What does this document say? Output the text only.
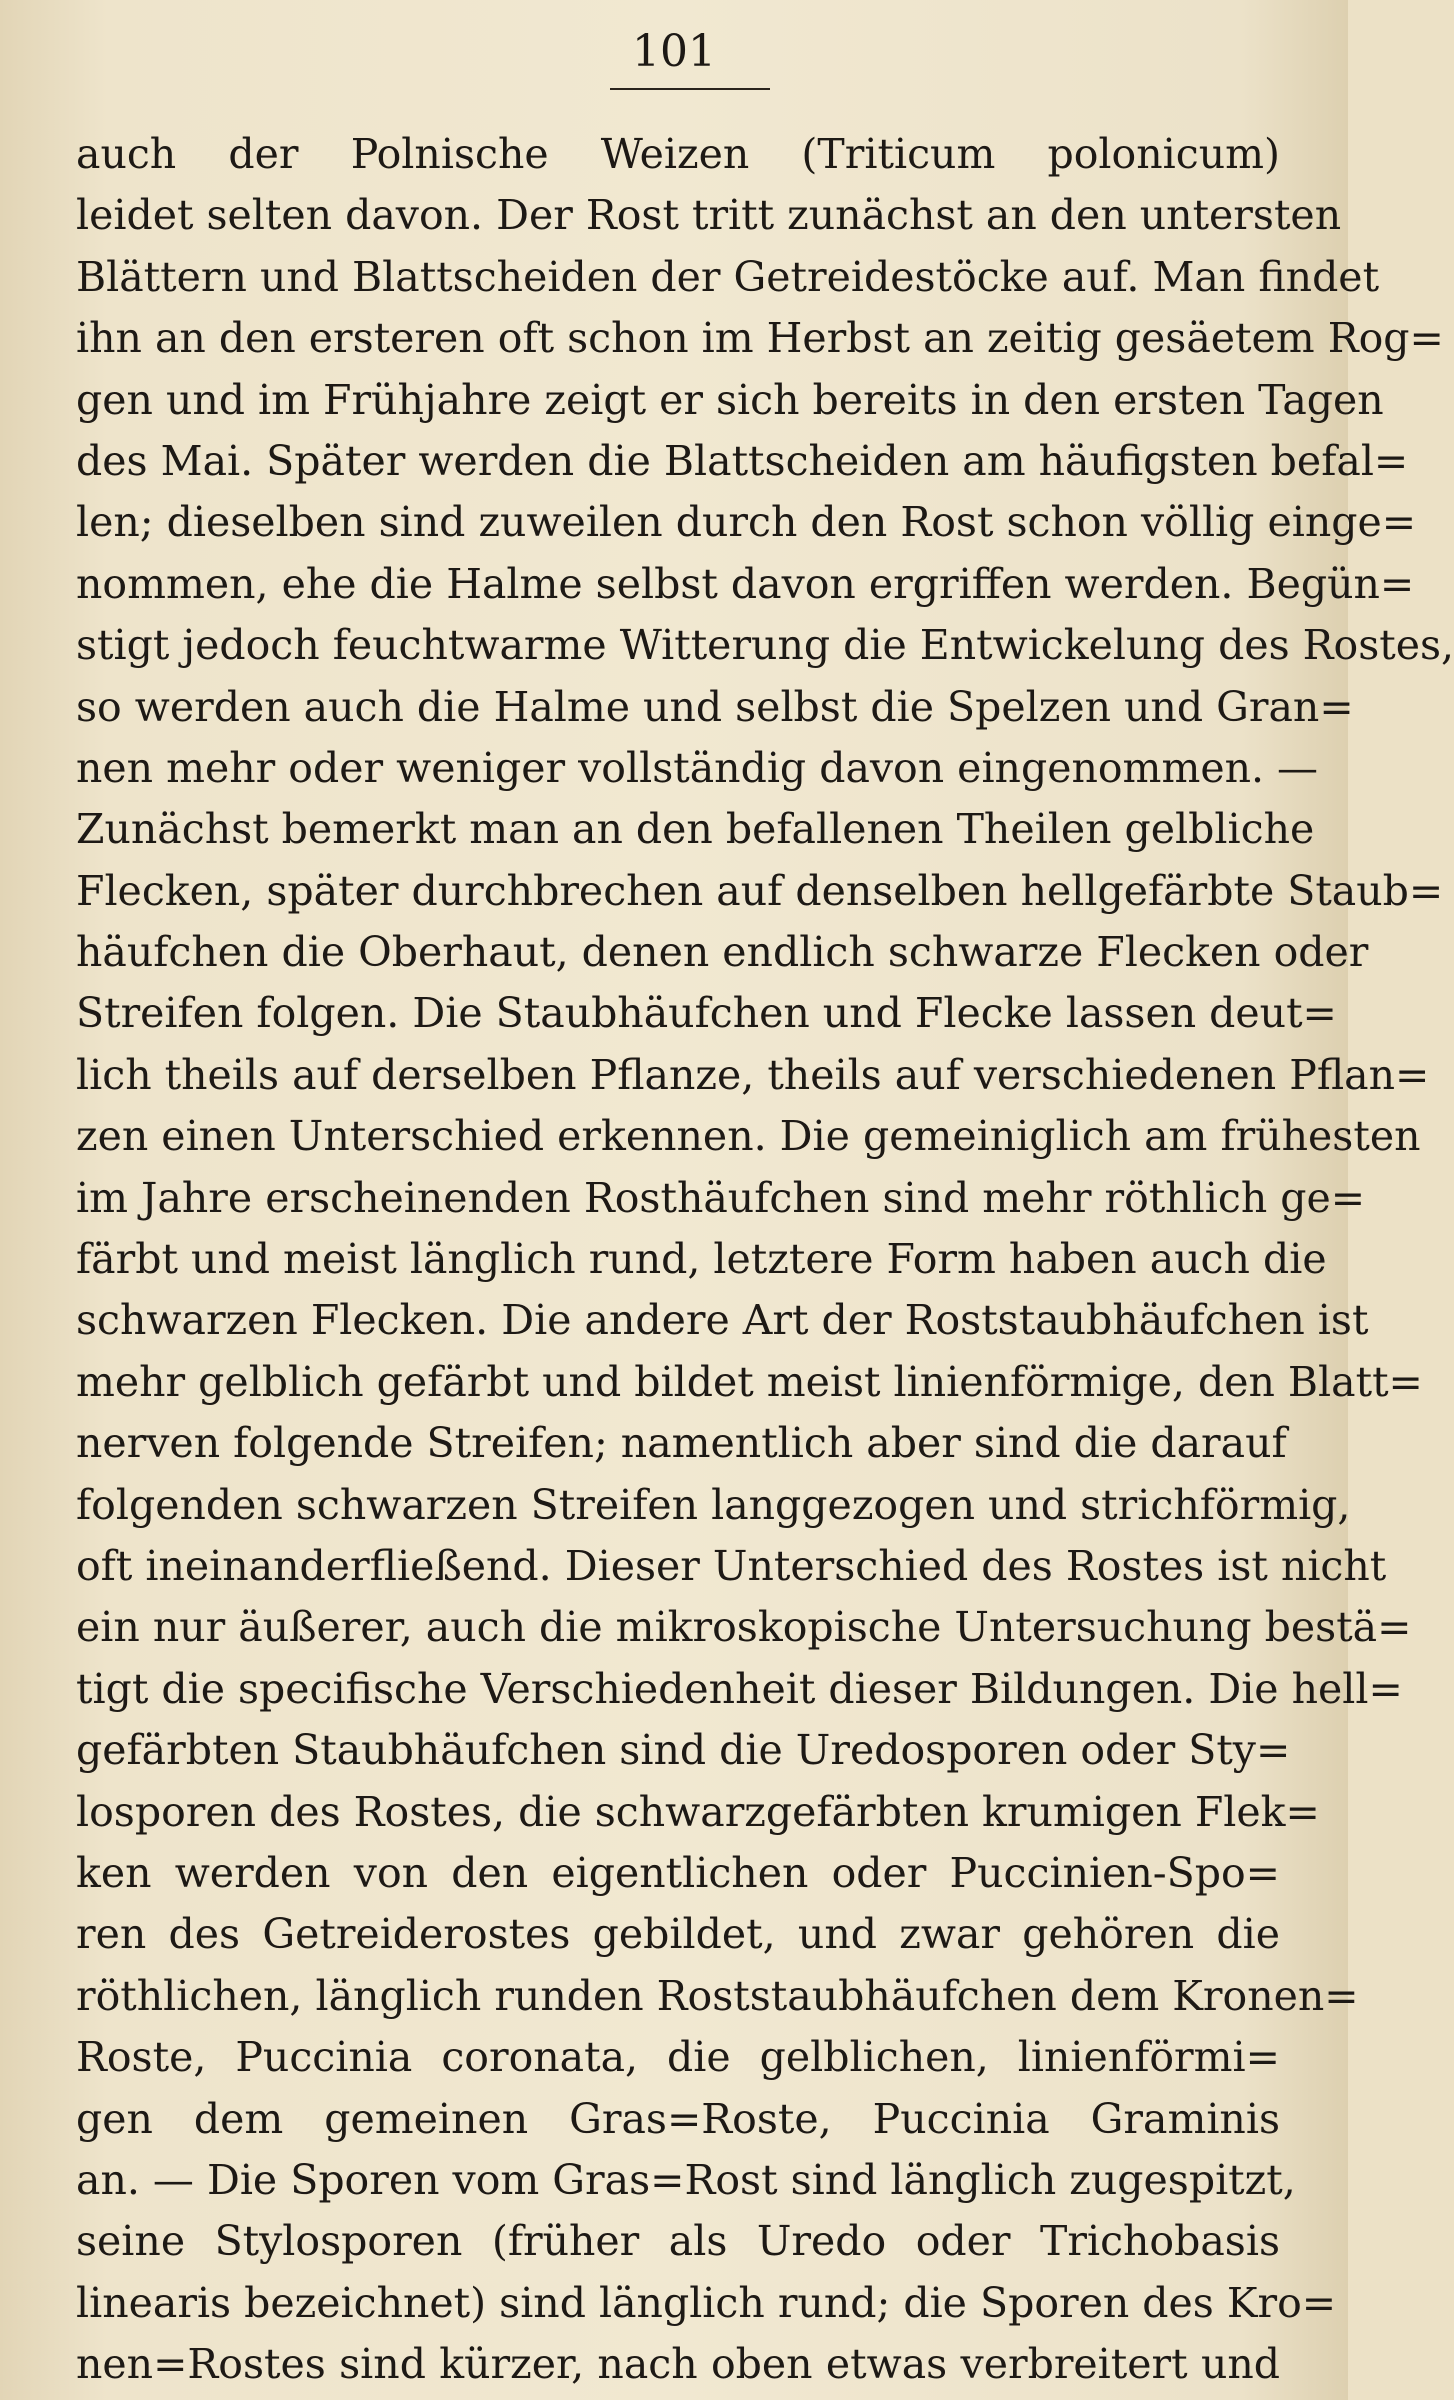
101
auch der Polnische Weizen (Triticum polonicum)
leidet selten davon. Der Rost tritt zunächst an den untersten
Blättern und Blattscheiden der Getreidestöcke auf. Man findet
ihn an den ersteren oft schon im Herbst an zeitig gesäetem Rog=
gen und im Frühjahre zeigt er sich bereits in den ersten Tagen
des Mai. Später werden die Blattscheiden am häufigsten befal=
len; dieselben sind zuweilen durch den Rost schon völlig einge=
nommen, ehe die Halme selbst davon ergriffen werden. Begün=
stigt jedoch feuchtwarme Witterung die Entwickelung des Rostes,
so werden auch die Halme und selbst die Spelzen und Gran=
nen mehr oder weniger vollständig davon eingenommen. —
Zunächst bemerkt man an den befallenen Theilen gelbliche
Flecken, später durchbrechen auf denselben hellgefärbte Staub=
häufchen die Oberhaut, denen endlich schwarze Flecken oder
Streifen folgen. Die Staubhäufchen und Flecke lassen deut=
lich theils auf derselben Pflanze, theils auf verschiedenen Pflan=
zen einen Unterschied erkennen. Die gemeiniglich am frühesten
im Jahre erscheinenden Rosthäufchen sind mehr röthlich ge=
färbt und meist länglich rund, letztere Form haben auch die
schwarzen Flecken. Die andere Art der Roststaubhäufchen ist
mehr gelblich gefärbt und bildet meist linienförmige, den Blatt=
nerven folgende Streifen; namentlich aber sind die darauf
folgenden schwarzen Streifen langgezogen und strichförmig,
oft ineinanderfließend. Dieser Unterschied des Rostes ist nicht
ein nur äußerer, auch die mikroskopische Untersuchung bestä=
tigt die specifische Verschiedenheit dieser Bildungen. Die hell=
gefärbten Staubhäufchen sind die Uredosporen oder Sty=
losporen des Rostes, die schwarzgefärbten krumigen Flek=
ken werden von den eigentlichen oder Puccinien-Spo=
ren des Getreiderostes gebildet, und zwar gehören die
röthlichen, länglich runden Roststaubhäufchen dem Kronen=
Roste, Puccinia coronata, die gelblichen, linienförmi=
gen dem gemeinen Gras=Roste, Puccinia Graminis
an. — Die Sporen vom Gras=Rost sind länglich zugespitzt,
seine Stylosporen (früher als Uredo oder Trichobasis
linearis bezeichnet) sind länglich rund; die Sporen des Kro=
nen=Rostes sind kürzer, nach oben etwas verbreitert und
